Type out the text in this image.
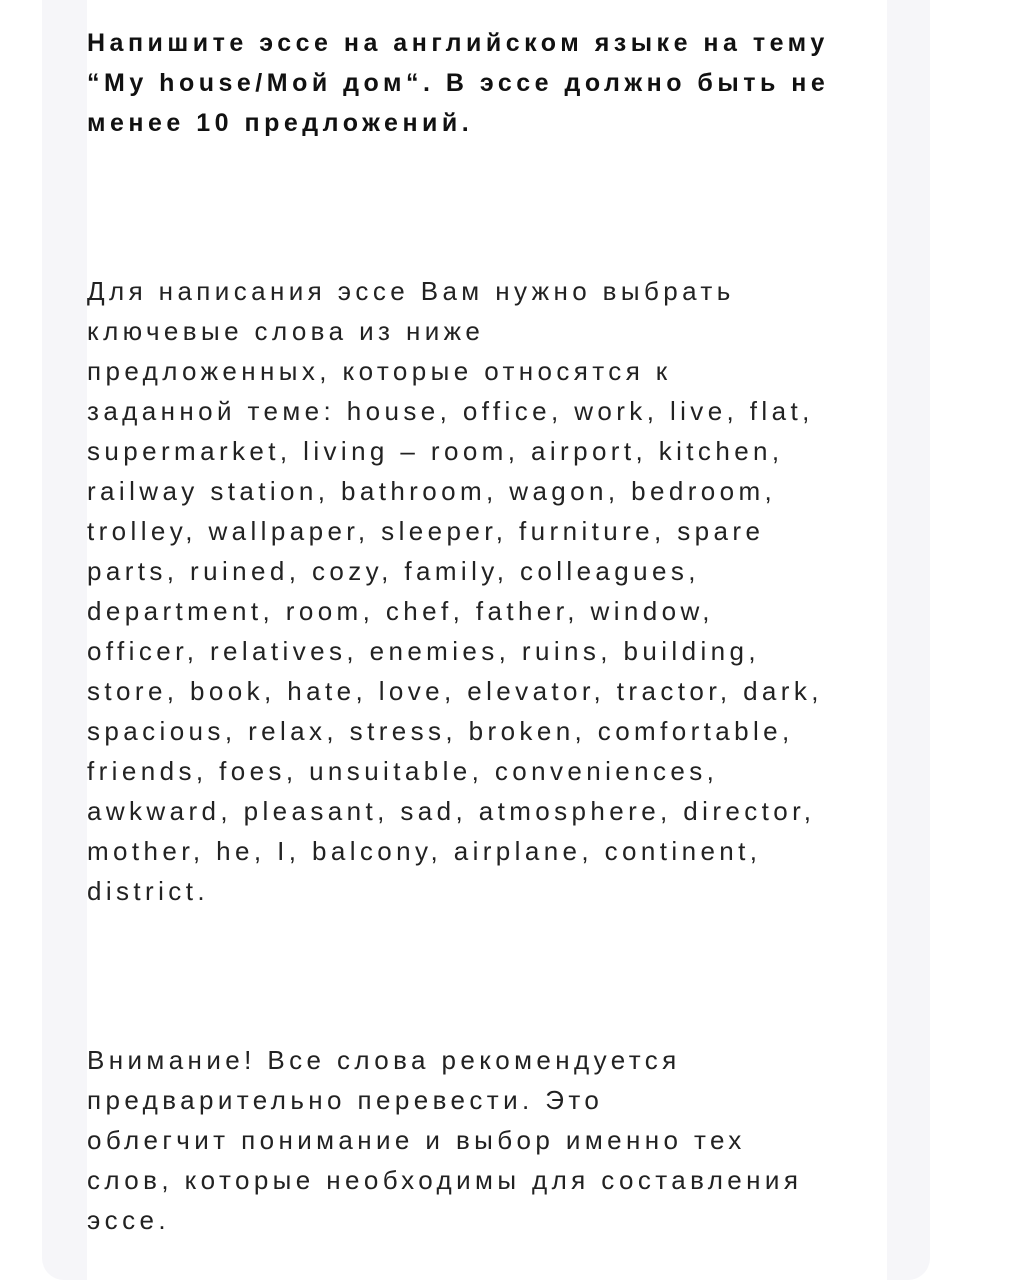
Напишите эссе на английском языке на тему
“My house/Мой дом“. В эссе должно быть не
менее 10 предложений.
Для написания эссе Вам нужно выбрать
ключевые слова из ниже
предложенных, которые относятся к
заданной теме: house, office, work, live, flat,
supermarket, living – room, airport, kitchen,
railway station, bathroom, wagon, bedroom,
trolley, wallpaper, sleeper, furniture, spare
parts, ruined, cozy, family, colleagues,
department, room, chef, father, window,
officer, relatives, enemies, ruins, building,
store, book, hate, love, elevator, tractor, dark,
spacious, relax, stress, broken, comfortable,
friends, foes, unsuitable, conveniences,
awkward, pleasant, sad, atmosphere, director,
mother, he, I, balcony, airplane, continent,
district.
Внимание! Все слова рекомендуется
предварительно перевести. Это
облегчит понимание и выбор именно тех
слов, которые необходимы для составления
эссе.
